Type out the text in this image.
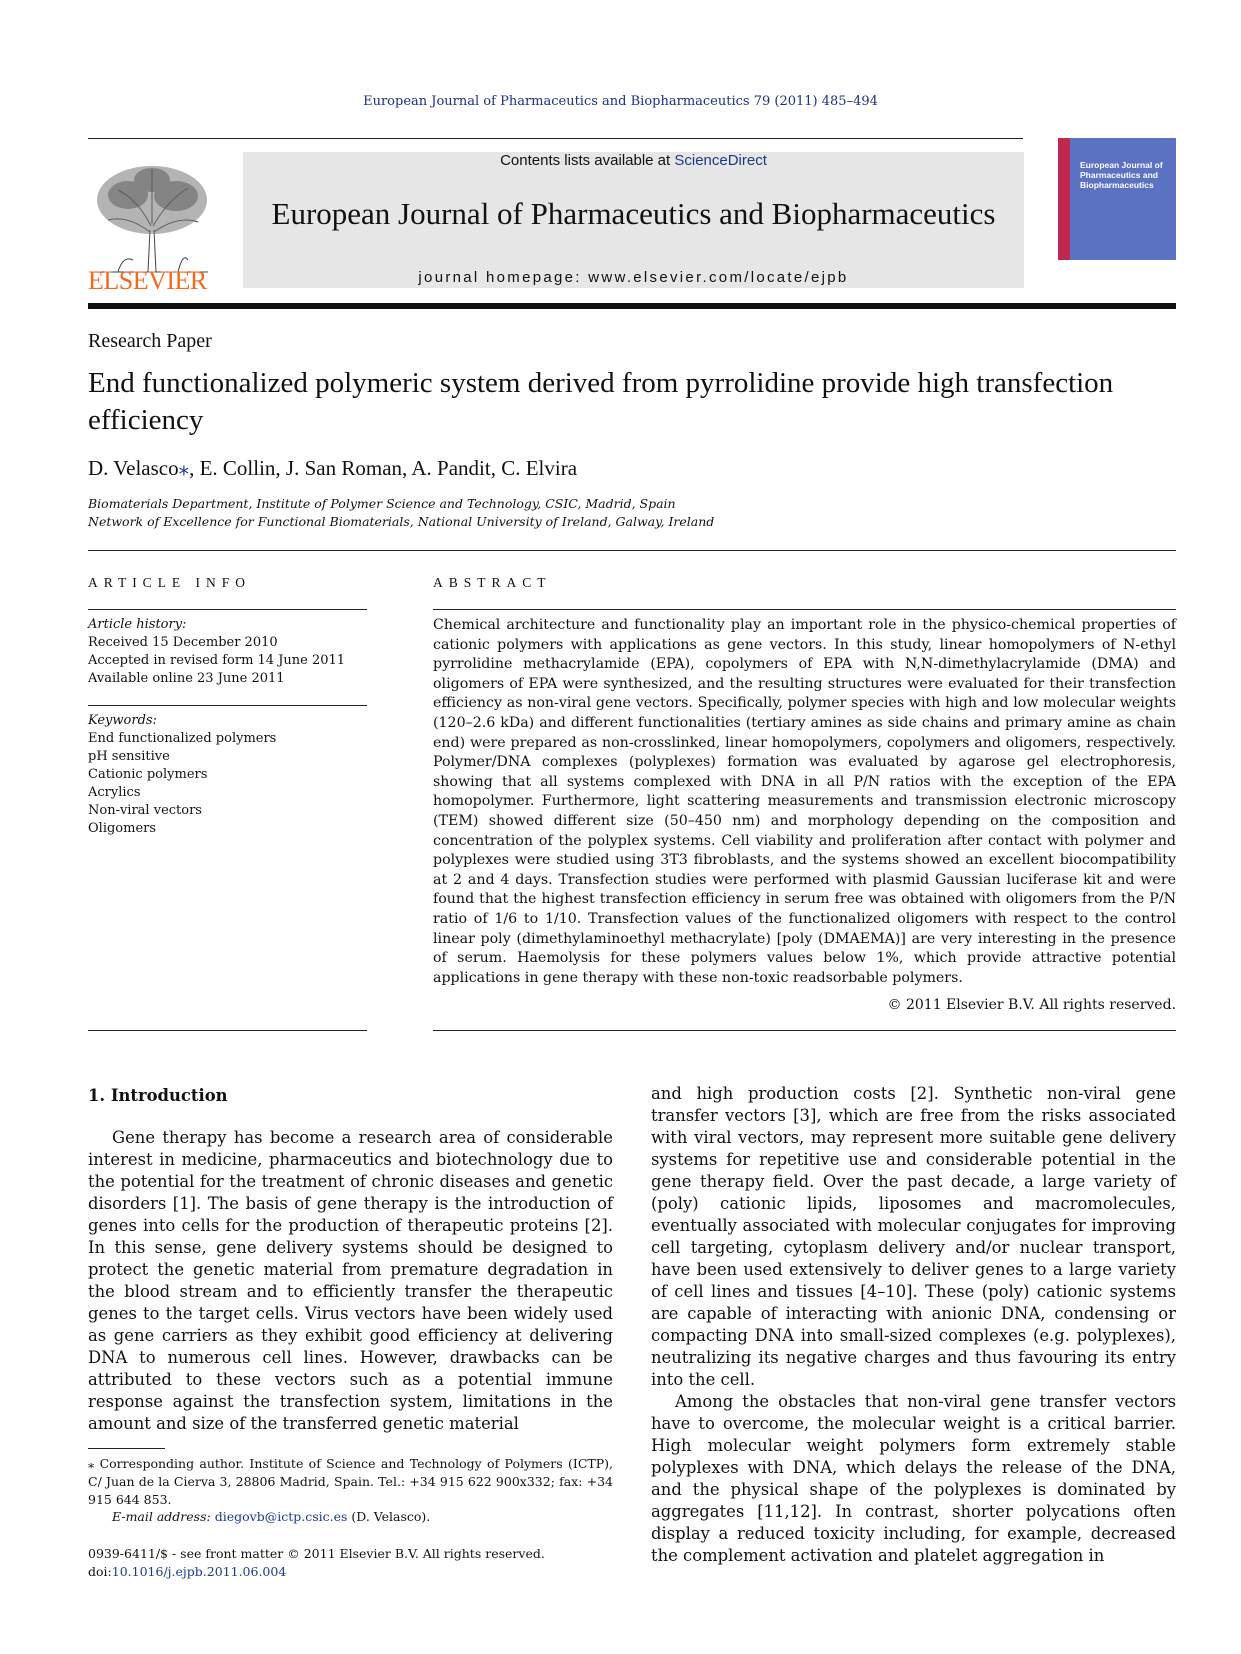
European Journal of Pharmaceutics and Biopharmaceutics 79 (2011) 485–494
ELSEVIER
Contents lists available at ScienceDirect
European Journal of Pharmaceutics and Biopharmaceutics
journal homepage: www.elsevier.com/locate/ejpb
European Journal of Pharmaceutics and Biopharmaceutics
Research Paper
End functionalized polymeric system derived from pyrrolidine provide high transfection efficiency
D. Velasco⁎, E. Collin, J. San Roman, A. Pandit, C. Elvira
Biomaterials Department, Institute of Polymer Science and Technology, CSIC, Madrid, Spain
Network of Excellence for Functional Biomaterials, National University of Ireland, Galway, Ireland
ARTICLE INFO
Article history:
Received 15 December 2010
Accepted in revised form 14 June 2011
Available online 23 June 2011
Keywords:
End functionalized polymers
pH sensitive
Cationic polymers
Acrylics
Non-viral vectors
Oligomers
ABSTRACT
Chemical architecture and functionality play an important role in the physico-chemical properties of cationic polymers with applications as gene vectors. In this study, linear homopolymers of N-ethyl pyrrolidine methacrylamide (EPA), copolymers of EPA with N,N-dimethylacrylamide (DMA) and oligomers of EPA were synthesized, and the resulting structures were evaluated for their transfection efficiency as non-viral gene vectors. Specifically, polymer species with high and low molecular weights (120–2.6 kDa) and different functionalities (tertiary amines as side chains and primary amine as chain end) were prepared as non-crosslinked, linear homopolymers, copolymers and oligomers, respectively. Polymer/DNA complexes (polyplexes) formation was evaluated by agarose gel electrophoresis, showing that all systems complexed with DNA in all P/N ratios with the exception of the EPA homopolymer. Furthermore, light scattering measurements and transmission electronic microscopy (TEM) showed different size (50–450 nm) and morphology depending on the composition and concentration of the polyplex systems. Cell viability and proliferation after contact with polymer and polyplexes were studied using 3T3 fibroblasts, and the systems showed an excellent biocompatibility at 2 and 4 days. Transfection studies were performed with plasmid Gaussian luciferase kit and were found that the highest transfection efficiency in serum free was obtained with oligomers from the P/N ratio of 1/6 to 1/10. Transfection values of the functionalized oligomers with respect to the control linear poly (dimethylaminoethyl methacrylate) [poly (DMAEMA)] are very interesting in the presence of serum. Haemolysis for these polymers values below 1%, which provide attractive potential applications in gene therapy with these non-toxic readsorbable polymers.
© 2011 Elsevier B.V. All rights reserved.
1. Introduction
Gene therapy has become a research area of considerable interest in medicine, pharmaceutics and biotechnology due to the potential for the treatment of chronic diseases and genetic disorders [1]. The basis of gene therapy is the introduction of genes into cells for the production of therapeutic proteins [2]. In this sense, gene delivery systems should be designed to protect the genetic material from premature degradation in the blood stream and to efficiently transfer the therapeutic genes to the target cells. Virus vectors have been widely used as gene carriers as they exhibit good efficiency at delivering DNA to numerous cell lines. However, drawbacks can be attributed to these vectors such as a potential immune response against the transfection system, limitations in the amount and size of the transferred genetic material

and high production costs [2]. Synthetic non-viral gene transfer vectors [3], which are free from the risks associated with viral vectors, may represent more suitable gene delivery systems for repetitive use and considerable potential in the gene therapy field. Over the past decade, a large variety of (poly) cationic lipids, liposomes and macromolecules, eventually associated with molecular conjugates for improving cell targeting, cytoplasm delivery and/or nuclear transport, have been used extensively to deliver genes to a large variety of cell lines and tissues [4–10]. These (poly) cationic systems are capable of interacting with anionic DNA, condensing or compacting DNA into small-sized complexes (e.g. polyplexes), neutralizing its negative charges and thus favouring its entry into the cell.

Among the obstacles that non-viral gene transfer vectors have to overcome, the molecular weight is a critical barrier. High molecular weight polymers form extremely stable polyplexes with DNA, which delays the release of the DNA, and the physical shape of the polyplexes is dominated by aggregates [11,12]. In contrast, shorter polycations often display a reduced toxicity including, for example, decreased the complement activation and platelet aggregation in

⁎ Corresponding author. Institute of Science and Technology of Polymers (ICTP), C/ Juan de la Cierva 3, 28806 Madrid, Spain. Tel.: +34 915 622 900x332; fax: +34 915 644 853.
E-mail address: diegovb@ictp.csic.es (D. Velasco).
0939-6411/$ - see front matter © 2011 Elsevier B.V. All rights reserved.
doi:10.1016/j.ejpb.2011.06.004
